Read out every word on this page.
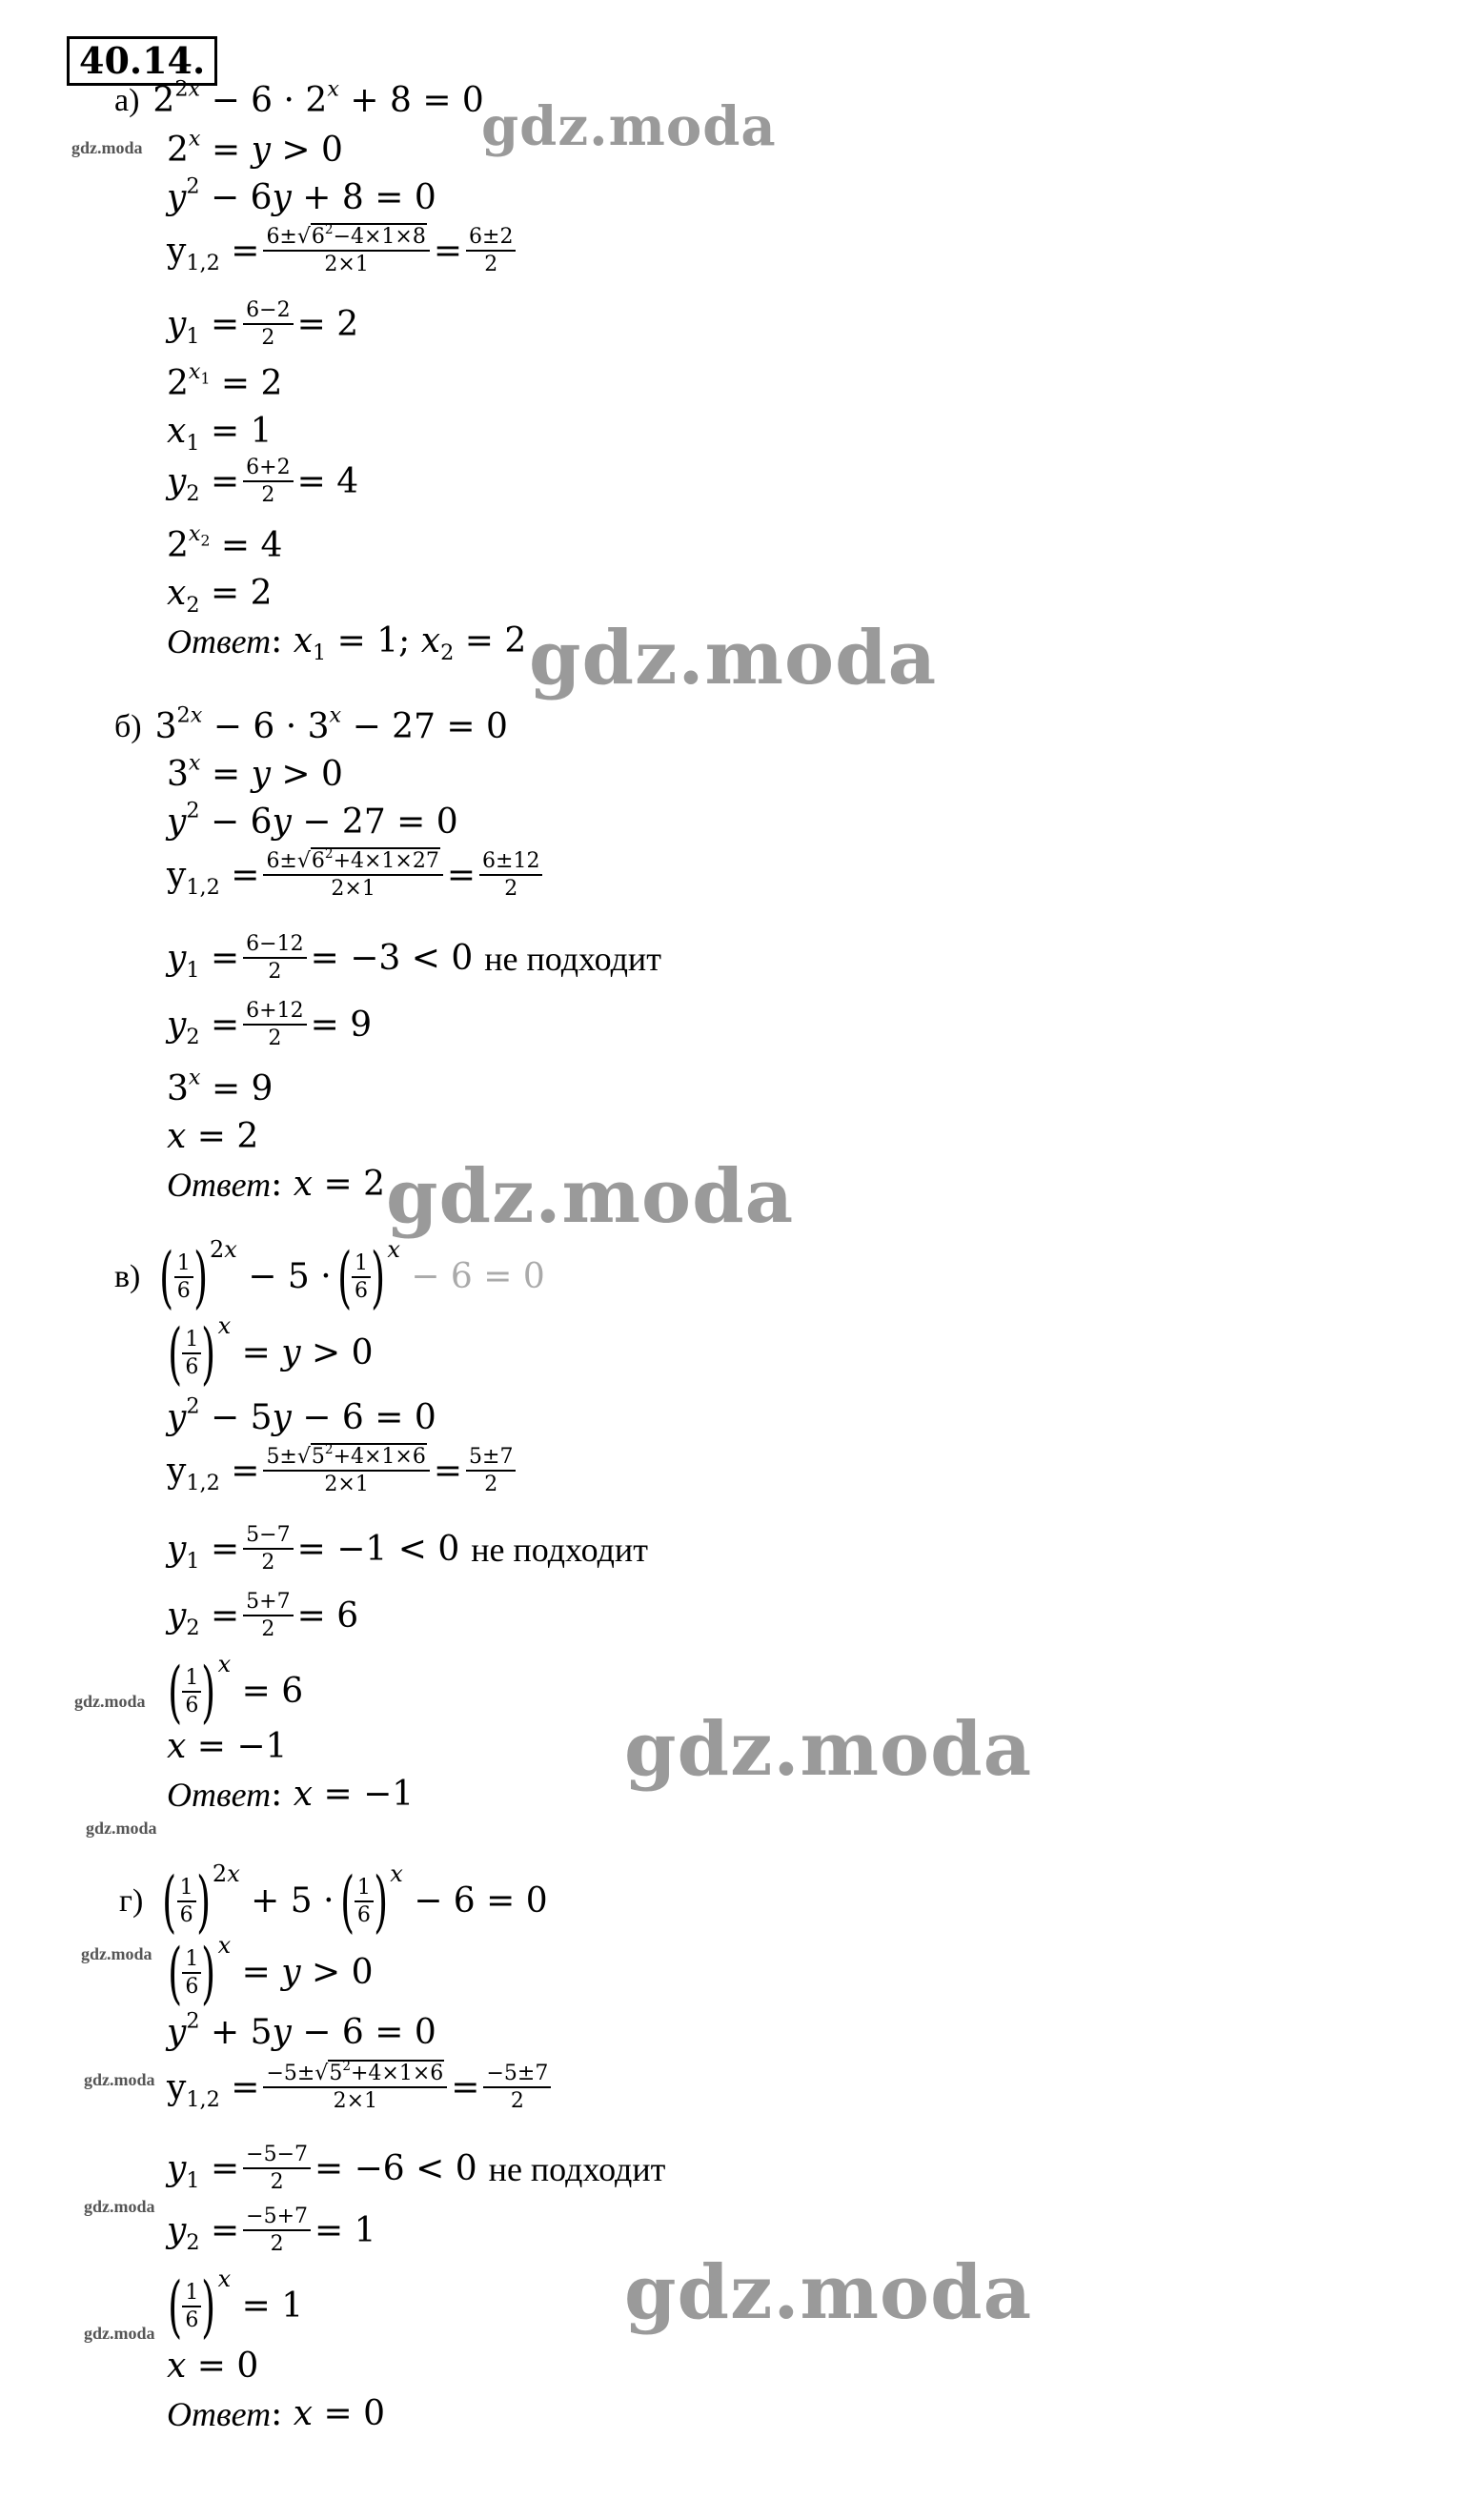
40.14.
а) $2^{2x} - 6 \cdot 2^x + 8 = 0$
$2^x = y > 0$
$y^2 - 6y + 8 = 0$
$y_{1,2} = \frac{6\pm√6^2-4\times 1\times 8}{2\times 1} = \frac{6\pm 2}{2}$
$y_1 = \frac{6-2}{2} = 2$
$2^{x_1} = 2$
$x_1 = 1$
$y_2 = \frac{6+2}{2} = 4$
$2^{x_2} = 4$
$x_2 = 2$
Ответ : $x_1 = 1$; $x_2 = 2$
б) $3^{2x} - 6 \cdot 3^x - 27 = 0$
$3^x = y > 0$
$y^2 - 6y - 27 = 0$
$y_{1,2} = \frac{6\pm√6^2+4\times 1\times 27}{2\times 1} = \frac{6\pm 12}{2}$
$y_1 = \frac{6-12}{2} = -3 < 0$ не подходит
$y_2 = \frac{6+12}{2} = 9$
$3^x = 9$
x = 2
Ответ : x = 2
в) ( $\frac{1}{6}$ ) 2x
− 5 · ( $\frac{1}{6}$ ) x
− 6 = 0
( $\frac{1}{6}$ ) x
= y > 0
$y^2 - 5y - 6 = 0$
$y_{1,2} = \frac{5\pm√5^2+4\times 1\times 6}{2\times 1} = \frac{5\pm 7}{2}$
$y_1 = \frac{5-7}{2} = -1 < 0$ не подходит
$y_2 = \frac{5+7}{2} = 6$
( $\frac{1}{6}$ ) x
= 6
x = −1
Ответ : x = −1
г) ( $\frac{1}{6}$ ) 2x
+ 5 · ( $\frac{1}{6}$ ) x
− 6 = 0
( $\frac{1}{6}$ ) x
= y > 0
$y^2 + 5y - 6 = 0$
$y_{1,2} = \frac{-5\pm√5^2+4\times 1\times 6}{2\times 1} = \frac{-5\pm 7}{2}$
$y_1 = \frac{-5-7}{2} = -6 < 0$ не подходит
$y_2 = \frac{-5+7}{2} = 1$
( $\frac{1}{6}$ ) x
= 1
x = 0
Ответ : x = 0
gdz.moda
gdz.moda
gdz.moda
gdz.moda
gdz.moda
gdz.moda
gdz.moda
gdz.moda
gdz.moda
gdz.moda
gdz.moda
gdz.moda
